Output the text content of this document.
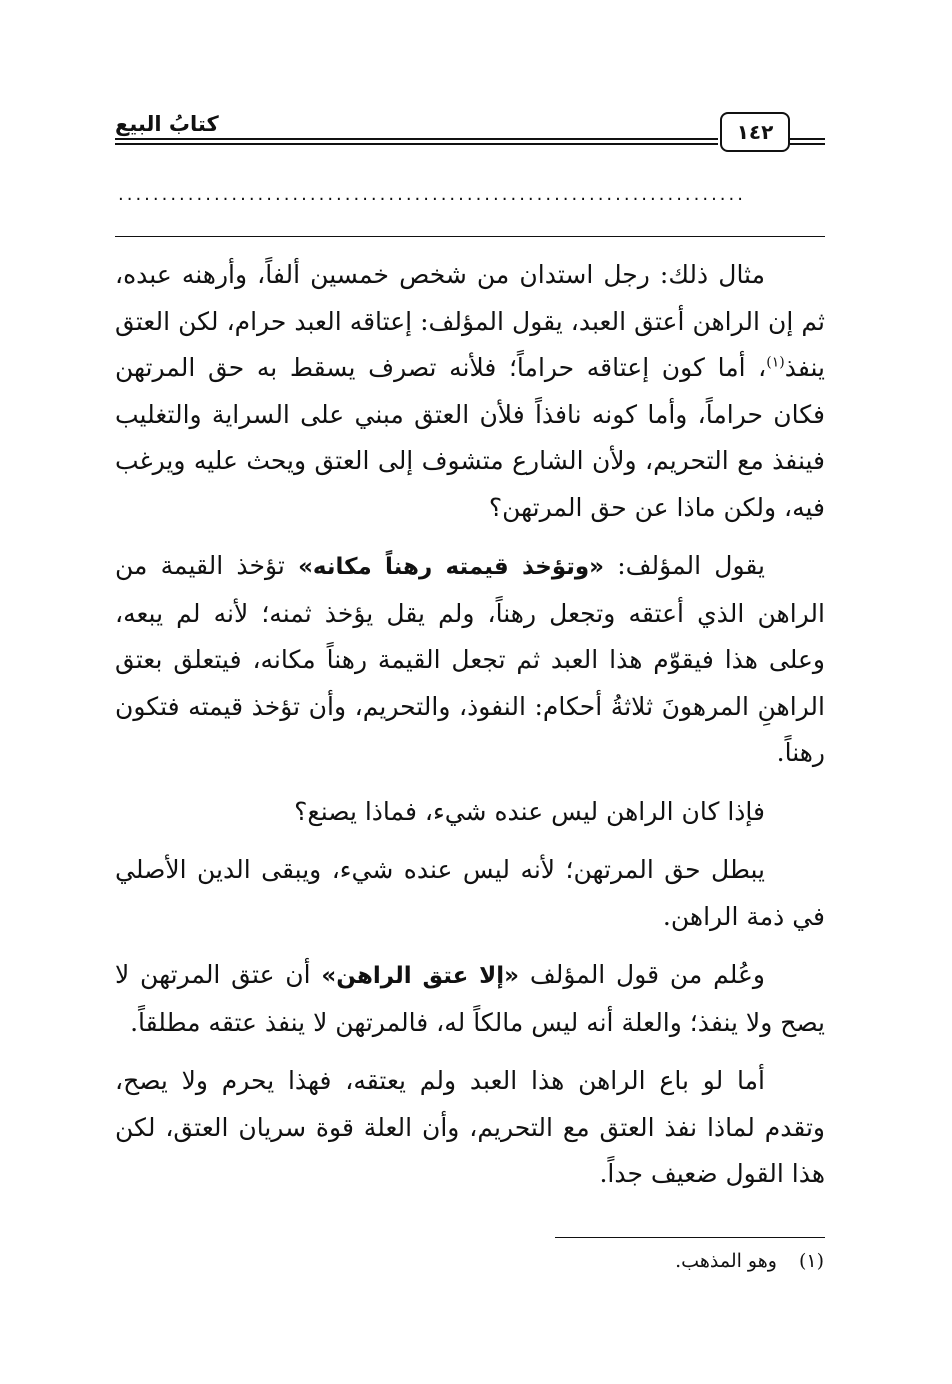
كتابُ البيع	١٤٢
........................................................................

مثال ذلك: رجل استدان من شخص خمسين ألفاً، وأرهنه عبده، ثم إن الراهن أعتق العبد، يقول المؤلف: إعتاقه العبد حرام، لكن العتق ينفذ$^{(١)}$، أما كون إعتاقه حراماً؛ فلأنه تصرف يسقط به حق المرتهن فكان حراماً، وأما كونه نافذاً فلأن العتق مبني على السراية والتغليب فينفذ مع التحريم، ولأن الشارع متشوف إلى العتق ويحث عليه ويرغب فيه، ولكن ماذا عن حق المرتهن؟

يقول المؤلف: «وتؤخذ قيمته رهناً مكانه» تؤخذ القيمة من الراهن الذي أعتقه وتجعل رهناً، ولم يقل يؤخذ ثمنه؛ لأنه لم يبعه، وعلى هذا فيقوّم هذا العبد ثم تجعل القيمة رهناً مكانه، فيتعلق بعتق الراهنِ المرهونَ ثلاثةُ أحكام: النفوذ، والتحريم، وأن تؤخذ قيمته فتكون رهناً.

فإذا كان الراهن ليس عنده شيء، فماذا يصنع؟

يبطل حق المرتهن؛ لأنه ليس عنده شيء، ويبقى الدين الأصلي في ذمة الراهن.

وعُلم من قول المؤلف «إلا عتق الراهن» أن عتق المرتهن لا يصح ولا ينفذ؛ والعلة أنه ليس مالكاً له، فالمرتهن لا ينفذ عتقه مطلقاً.

أما لو باع الراهن هذا العبد ولم يعتقه، فهذا يحرم ولا يصح، وتقدم لماذا نفذ العتق مع التحريم، وأن العلة قوة سريان العتق، لكن هذا القول ضعيف جداً.

(١)وهو المذهب.
